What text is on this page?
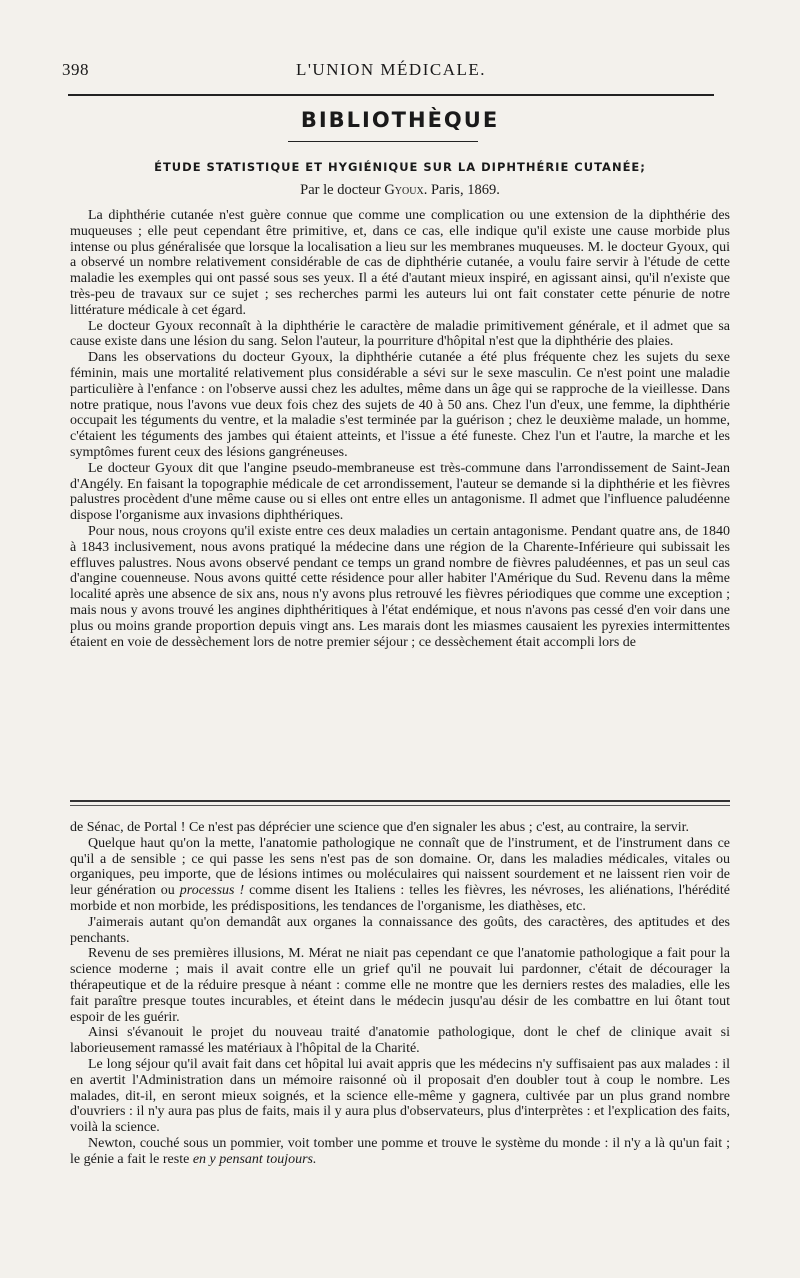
398	L'UNION MÉDICALE.
BIBLIOTHÈQUE
ÉTUDE STATISTIQUE ET HYGIÉNIQUE SUR LA DIPHTHÉRIE CUTANÉE;
Par le docteur Gyoux. Paris, 1869.

La diphthérie cutanée n'est guère connue que comme une complication ou une extension de la diphthérie des muqueuses ; elle peut cependant être primitive, et, dans ce cas, elle indique qu'il existe une cause morbide plus intense ou plus généralisée que lorsque la localisation a lieu sur les membranes muqueuses. M. le docteur Gyoux, qui a observé un nombre relativement considérable de cas de diphthérie cutanée, a voulu faire servir à l'étude de cette maladie les exemples qui ont passé sous ses yeux. Il a été d'autant mieux inspiré, en agissant ainsi, qu'il n'existe que très-peu de travaux sur ce sujet ; ses recherches parmi les auteurs lui ont fait constater cette pénurie de notre littérature médicale à cet égard.

Le docteur Gyoux reconnaît à la diphthérie le caractère de maladie primitivement générale, et il admet que sa cause existe dans une lésion du sang. Selon l'auteur, la pourriture d'hôpital n'est que la diphthérie des plaies.

Dans les observations du docteur Gyoux, la diphthérie cutanée a été plus fréquente chez les sujets du sexe féminin, mais une mortalité relativement plus considérable a sévi sur le sexe masculin. Ce n'est point une maladie particulière à l'enfance : on l'observe aussi chez les adultes, même dans un âge qui se rapproche de la vieillesse. Dans notre pratique, nous l'avons vue deux fois chez des sujets de 40 à 50 ans. Chez l'un d'eux, une femme, la diphthérie occupait les téguments du ventre, et la maladie s'est terminée par la guérison ; chez le deuxième malade, un homme, c'étaient les téguments des jambes qui étaient atteints, et l'issue a été funeste. Chez l'un et l'autre, la marche et les symptômes furent ceux des lésions gangréneuses.

Le docteur Gyoux dit que l'angine pseudo-membraneuse est très-commune dans l'arrondissement de Saint-Jean d'Angély. En faisant la topographie médicale de cet arrondissement, l'auteur se demande si la diphthérie et les fièvres palustres procèdent d'une même cause ou si elles ont entre elles un antagonisme. Il admet que l'influence paludéenne dispose l'organisme aux invasions diphthériques.

Pour nous, nous croyons qu'il existe entre ces deux maladies un certain antagonisme. Pendant quatre ans, de 1840 à 1843 inclusivement, nous avons pratiqué la médecine dans une région de la Charente-Inférieure qui subissait les effluves palustres. Nous avons observé pendant ce temps un grand nombre de fièvres paludéennes, et pas un seul cas d'angine couenneuse. Nous avons quitté cette résidence pour aller habiter l'Amérique du Sud. Revenu dans la même localité après une absence de six ans, nous n'y avons plus retrouvé les fièvres périodiques que comme une exception ; mais nous y avons trouvé les angines diphthéritiques à l'état endémique, et nous n'avons pas cessé d'en voir dans une plus ou moins grande proportion depuis vingt ans. Les marais dont les miasmes causaient les pyrexies intermittentes étaient en voie de dessèchement lors de notre premier séjour ; ce dessèchement était accompli lors de

de Sénac, de Portal ! Ce n'est pas déprécier une science que d'en signaler les abus ; c'est, au contraire, la servir.

Quelque haut qu'on la mette, l'anatomie pathologique ne connaît que de l'instrument, et de l'instrument dans ce qu'il a de sensible ; ce qui passe les sens n'est pas de son domaine. Or, dans les maladies médicales, vitales ou organiques, peu importe, que de lésions intimes ou moléculaires qui naissent sourdement et ne laissent rien voir de leur génération ou processus ! comme disent les Italiens : telles les fièvres, les névroses, les aliénations, l'hérédité morbide et non morbide, les prédispositions, les tendances de l'organisme, les diathèses, etc.

J'aimerais autant qu'on demandât aux organes la connaissance des goûts, des caractères, des aptitudes et des penchants.

Revenu de ses premières illusions, M. Mérat ne niait pas cependant ce que l'anatomie pathologique a fait pour la science moderne ; mais il avait contre elle un grief qu'il ne pouvait lui pardonner, c'était de décourager la thérapeutique et de la réduire presque à néant : comme elle ne montre que les derniers restes des maladies, elle les fait paraître presque toutes incurables, et éteint dans le médecin jusqu'au désir de les combattre en lui ôtant tout espoir de les guérir.

Ainsi s'évanouit le projet du nouveau traité d'anatomie pathologique, dont le chef de clinique avait si laborieusement ramassé les matériaux à l'hôpital de la Charité.

Le long séjour qu'il avait fait dans cet hôpital lui avait appris que les médecins n'y suffisaient pas aux malades : il en avertit l'Administration dans un mémoire raisonné où il proposait d'en doubler tout à coup le nombre. Les malades, dit-il, en seront mieux soignés, et la science elle-même y gagnera, cultivée par un plus grand nombre d'ouvriers : il n'y aura pas plus de faits, mais il y aura plus d'observateurs, plus d'interprètes : et l'explication des faits, voilà la science.

Newton, couché sous un pommier, voit tomber une pomme et trouve le système du monde : il n'y a là qu'un fait ; le génie a fait le reste en y pensant toujours.
